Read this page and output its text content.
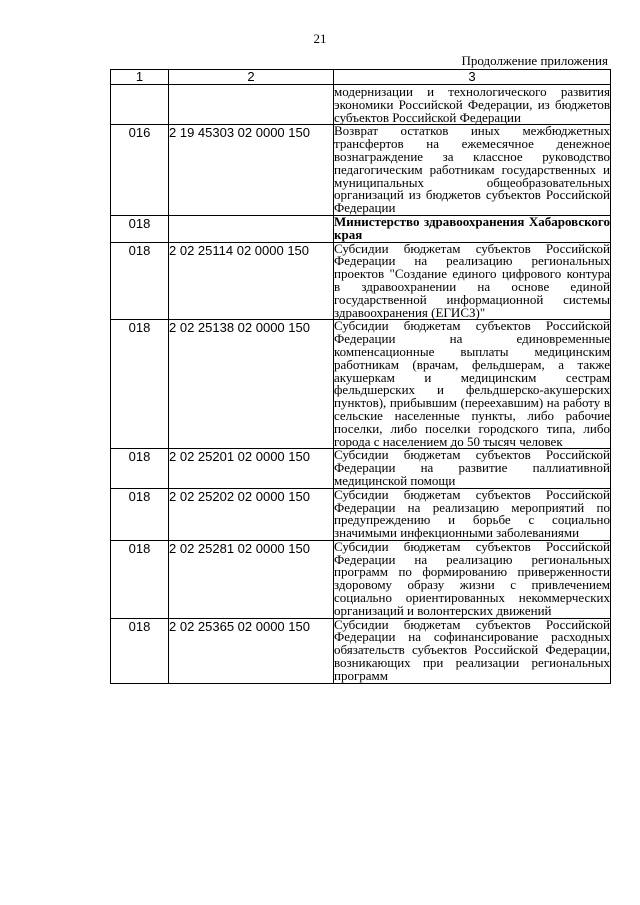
21
Продолжение приложения
1	2	3
		модернизации и технологического развития экономики Российской Федерации, из бюджетов субъектов Российской Федерации
016	2 19 45303 02 0000 150	Возврат остатков иных межбюджетных трансфертов на ежемесячное денежное вознаграждение за классное руководство педагогическим работникам государственных и муниципальных общеобразовательных организаций из бюджетов субъектов Российской Федерации
018		Министерство здравоохранения Хабаровского края
018	2 02 25114 02 0000 150	Субсидии бюджетам субъектов Российской Федерации на реализацию региональных проектов "Создание единого цифрового контура в здравоохранении на основе единой государственной информационной системы здравоохранения (ЕГИСЗ)"
018	2 02 25138 02 0000 150	Субсидии бюджетам субъектов Российской Федерации на единовременные компенсационные выплаты медицинским работникам (врачам, фельдшерам, а также акушеркам и медицинским сестрам фельдшерских и фельдшерско-акушерских пунктов), прибывшим (переехавшим) на работу в сельские населенные пункты, либо рабочие поселки, либо поселки городского типа, либо города с населением до 50 тысяч человек
018	2 02 25201 02 0000 150	Субсидии бюджетам субъектов Российской Федерации на развитие паллиативной медицинской помощи
018	2 02 25202 02 0000 150	Субсидии бюджетам субъектов Российской Федерации на реализацию мероприятий по предупреждению и борьбе с социально значимыми инфекционными заболеваниями
018	2 02 25281 02 0000 150	Субсидии бюджетам субъектов Российской Федерации на реализацию региональных программ по формированию приверженности здоровому образу жизни с привлечением социально ориентированных некоммерческих организаций и волонтерских движений
018	2 02 25365 02 0000 150	Субсидии бюджетам субъектов Российской Федерации на софинансирование расходных обязательств субъектов Российской Федерации, возникающих при реализации региональных программ
